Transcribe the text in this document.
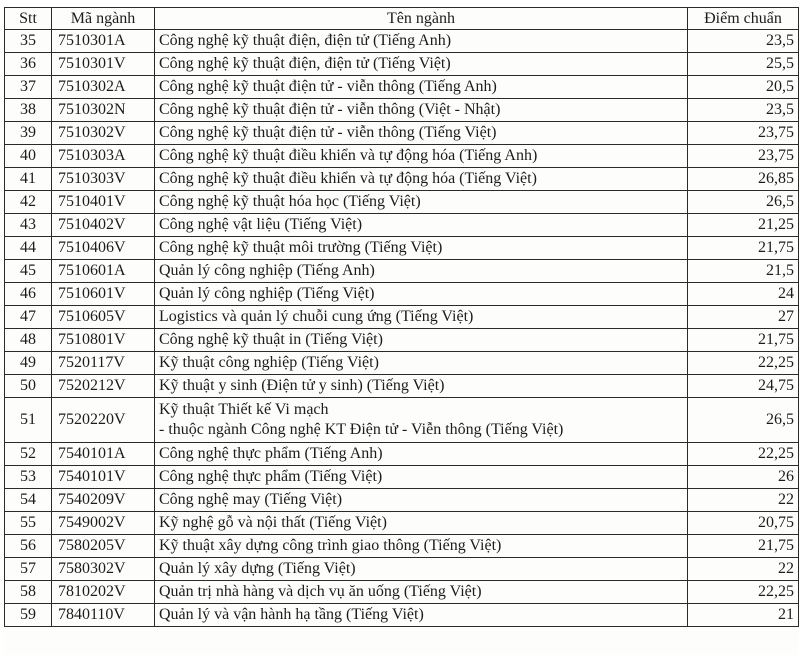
Stt	Mã ngành	Tên ngành	Điểm chuẩn
35	7510301A	Công nghệ kỹ thuật điện, điện tử (Tiếng Anh)	23,5
36	7510301V	Công nghệ kỹ thuật điện, điện tử (Tiếng Việt)	25,5
37	7510302A	Công nghệ kỹ thuật điện tử - viễn thông (Tiếng Anh)	20,5
38	7510302N	Công nghệ kỹ thuật điện tử - viễn thông (Việt - Nhật)	23,5
39	7510302V	Công nghệ kỹ thuật điện tử - viễn thông (Tiếng Việt)	23,75
40	7510303A	Công nghệ kỹ thuật điều khiển và tự động hóa (Tiếng Anh)	23,75
41	7510303V	Công nghệ kỹ thuật điều khiển và tự động hóa (Tiếng Việt)	26,85
42	7510401V	Công nghệ kỹ thuật hóa học (Tiếng Việt)	26,5
43	7510402V	Công nghệ vật liệu (Tiếng Việt)	21,25
44	7510406V	Công nghệ kỹ thuật môi trường (Tiếng Việt)	21,75
45	7510601A	Quản lý công nghiệp (Tiếng Anh)	21,5
46	7510601V	Quản lý công nghiệp (Tiếng Việt)	24
47	7510605V	Logistics và quản lý chuỗi cung ứng (Tiếng Việt)	27
48	7510801V	Công nghệ kỹ thuật in (Tiếng Việt)	21,75
49	7520117V	Kỹ thuật công nghiệp (Tiếng Việt)	22,25
50	7520212V	Kỹ thuật y sinh (Điện tử y sinh) (Tiếng Việt)	24,75
51	7520220V	Kỹ thuật Thiết kế Vi mạch
- thuộc ngành Công nghệ KT Điện tử - Viễn thông (Tiếng Việt)	26,5
52	7540101A	Công nghệ thực phẩm (Tiếng Anh)	22,25
53	7540101V	Công nghệ thực phẩm (Tiếng Việt)	26
54	7540209V	Công nghệ may (Tiếng Việt)	22
55	7549002V	Kỹ nghệ gỗ và nội thất (Tiếng Việt)	20,75
56	7580205V	Kỹ thuật xây dựng công trình giao thông (Tiếng Việt)	21,75
57	7580302V	Quản lý xây dựng (Tiếng Việt)	22
58	7810202V	Quản trị nhà hàng và dịch vụ ăn uống (Tiếng Việt)	22,25
59	7840110V	Quản lý và vận hành hạ tầng (Tiếng Việt)	21
